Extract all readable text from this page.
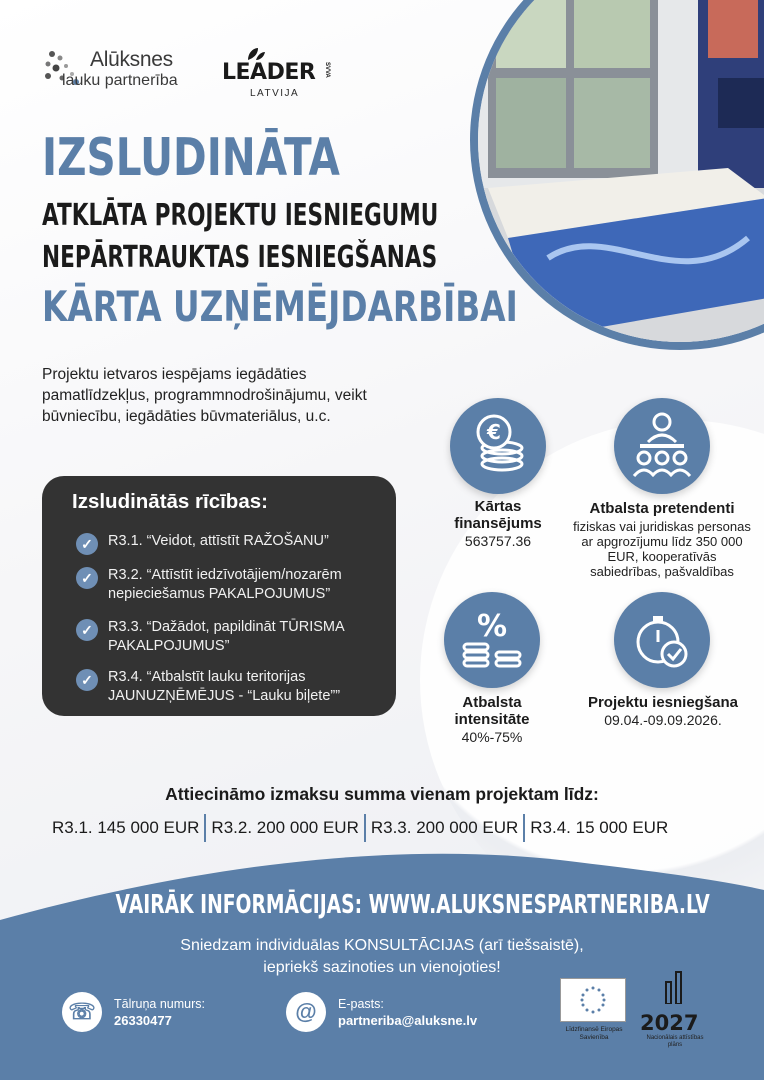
Alūksnes
lauku partnerība LEADER SVVA
LATVIJA
IZSLUDINĀTA
ATKLĀTA PROJEKTU IESNIEGUMU
NEPĀRTRAUKTAS IESNIEGŠANAS
KĀRTA UZŅĒMĒJDARBĪBAI
Projektu ietvaros iespējams iegādāties pamatlīdzekļus, programmnodrošinājumu, veikt būvniecību, iegādāties būvmateriālus, u.c.
Izsludinātās rīcības:
✓	R3.1. “Veidot, attīstīt RAŽOŠANU”
✓	R3.2. “Attīstīt iedzīvotājiem/nozarēm nepieciešamus PAKALPOJUMUS”
✓	R3.3. “Dažādot, papildināt TŪRISMA PAKALPOJUMUS”
✓	R3.4. “Atbalstīt lauku teritorijas JAUNUZŅĒMĒJUS - “Lauku biļete””
€
Kārtas finansējums
563757.36
Atbalsta pretendenti
fiziskas vai juridiskas personas ar apgrozījumu līdz 350 000 EUR, kooperatīvās sabiedrības, pašvaldības
%
Atbalsta intensitāte
40%-75%
Projektu iesniegšana
09.04.-09.09.2026.
Attiecināmo izmaksu summa vienam projektam līdz:
R3.1. 145 000 EUR R3.2. 200 000 EUR R3.3. 200 000 EUR R3.4. 15 000 EUR
VAIRĀK INFORMĀCIJAS: WWW.ALUKSNESPARTNERIBA.LV
Sniedzam individuālas KONSULTĀCIJAS (arī tiešsaistē),
iepriekš sazinoties un vienojoties!
☏	Tālruņa numurs:
26330477	@	E-pasts:
partneriba@aluksne.lv
Līdzfinansē Eiropas Savienība
2027
Nacionālais attīstības plāns
